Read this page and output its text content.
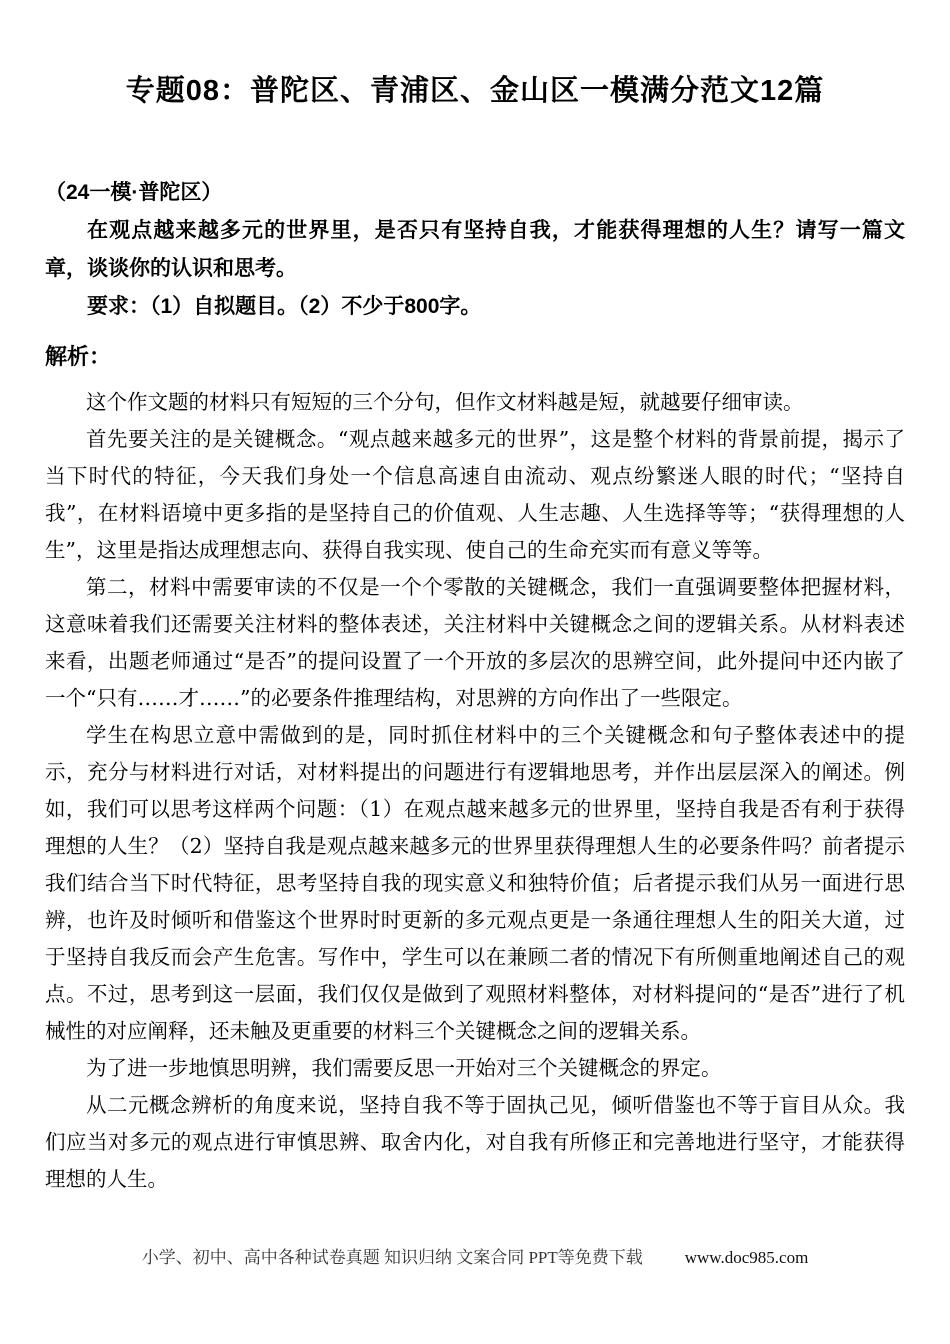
专题08：普陀区、青浦区、金山区一模满分范文12篇

（24一模·普陀区）

在观点越来越多元的世界里，是否只有坚持自我，才能获得理想的人生？请写一篇文章，谈谈你的认识和思考。

要求：（1）自拟题目。（2）不少于800字。

解析：

这个作文题的材料只有短短的三个分句，但作文材料越是短，就越要仔细审读。

首先要关注的是关键概念。“观点越来越多元的世界”，这是整个材料的背景前提，揭示了当下时代的特征，今天我们身处一个信息高速自由流动、观点纷繁迷人眼的时代；“坚持自我”，在材料语境中更多指的是坚持自己的价值观、人生志趣、人生选择等等；“获得理想的人生”，这里是指达成理想志向、获得自我实现、使自己的生命充实而有意义等等。

第二，材料中需要审读的不仅是一个个零散的关键概念，我们一直强调要整体把握材料，这意味着我们还需要关注材料的整体表述，关注材料中关键概念之间的逻辑关系。从材料表述来看，出题老师通过“是否”的提问设置了一个开放的多层次的思辨空间，此外提问中还内嵌了一个“只有……才……”的必要条件推理结构，对思辨的方向作出了一些限定。

学生在构思立意中需做到的是，同时抓住材料中的三个关键概念和句子整体表述中的提示，充分与材料进行对话，对材料提出的问题进行有逻辑地思考，并作出层层深入的阐述。例如，我们可以思考这样两个问题：（1）在观点越来越多元的世界里，坚持自我是否有利于获得理想的人生？（2）坚持自我是观点越来越多元的世界里获得理想人生的必要条件吗？前者提示我们结合当下时代特征，思考坚持自我的现实意义和独特价值；后者提示我们从另一面进行思辨，也许及时倾听和借鉴这个世界时时更新的多元观点更是一条通往理想人生的阳关大道，过于坚持自我反而会产生危害。写作中，学生可以在兼顾二者的情况下有所侧重地阐述自己的观点。不过，思考到这一层面，我们仅仅是做到了观照材料整体，对材料提问的“是否”进行了机械性的对应阐释，还未触及更重要的材料三个关键概念之间的逻辑关系。

为了进一步地慎思明辨，我们需要反思一开始对三个关键概念的界定。

从二元概念辨析的角度来说，坚持自我不等于固执己见，倾听借鉴也不等于盲目从众。我们应当对多元的观点进行审慎思辨、取舍内化，对自我有所修正和完善地进行坚守，才能获得理想的人生。

小学、初中、高中各种试卷真题 知识归纳 文案合同 PPT等免费下载 www.doc985.com
